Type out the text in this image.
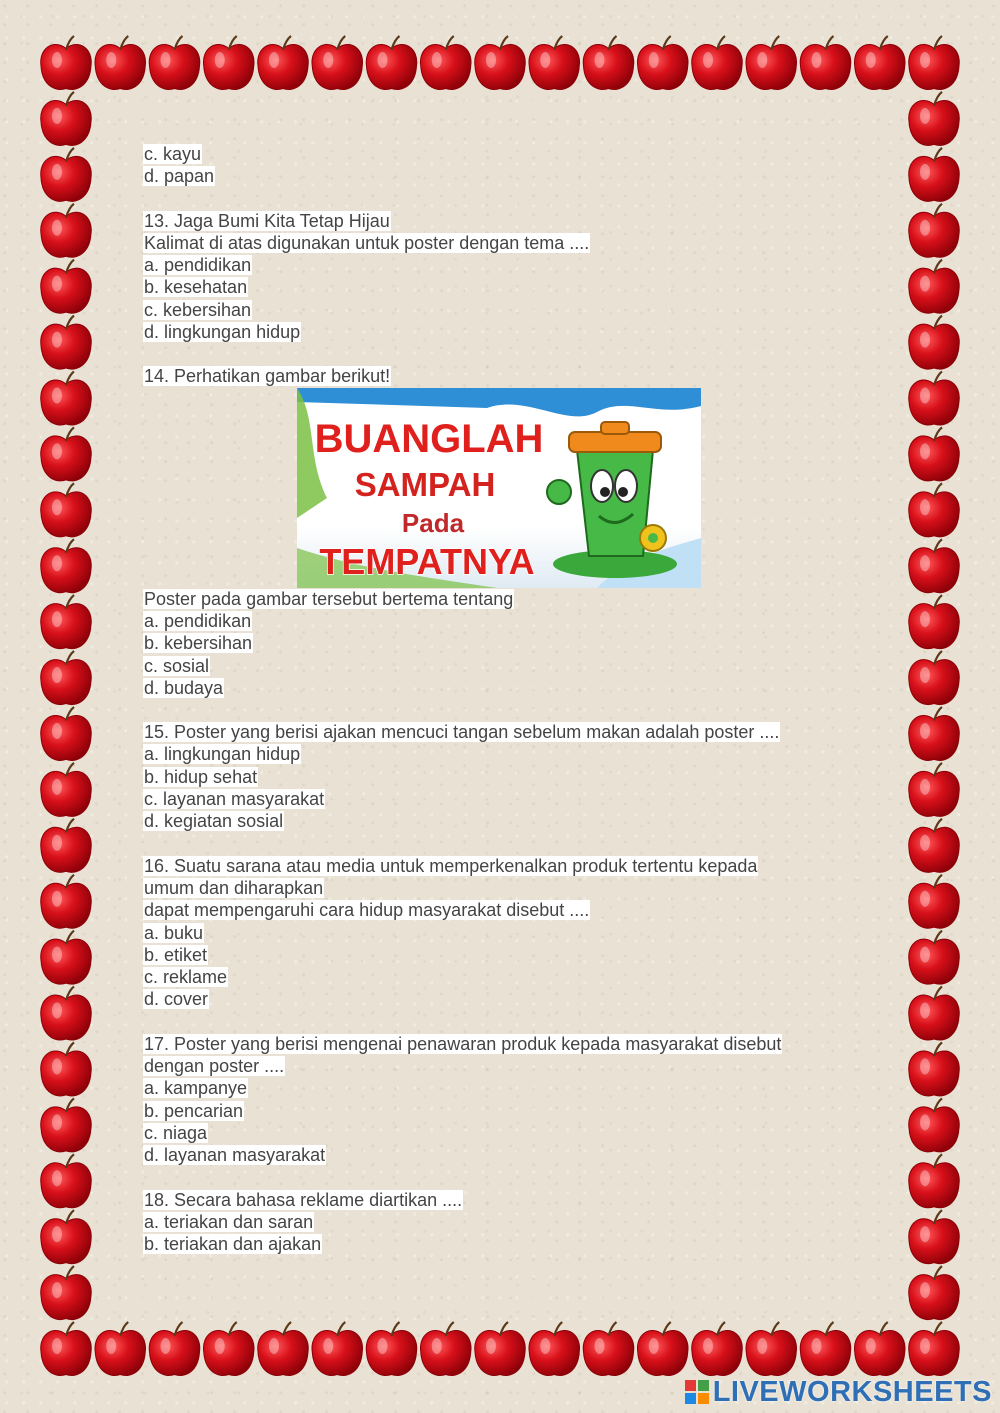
c. kayu
d. papan
13. Jaga Bumi Kita Tetap Hijau
Kalimat di atas digunakan untuk poster dengan tema ....
a. pendidikan
b. kesehatan
c. kebersihan
d. lingkungan hidup
14. Perhatikan gambar berikut!
BUANGLAH
SAMPAH
Pada
TEMPATNYA
Poster pada gambar tersebut bertema tentang
a. pendidikan
b. kebersihan
c. sosial
d. budaya
15. Poster yang berisi ajakan mencuci tangan sebelum makan adalah poster ....
a. lingkungan hidup
b. hidup sehat
c. layanan masyarakat
d. kegiatan sosial
16. Suatu sarana atau media untuk memperkenalkan produk tertentu kepada
umum dan diharapkan
dapat mempengaruhi cara hidup masyarakat disebut ....
a. buku
b. etiket
c. reklame
d. cover
17. Poster yang berisi mengenai penawaran produk kepada masyarakat disebut
dengan poster ....
a. kampanye
b. pencarian
c. niaga
d. layanan masyarakat
18. Secara bahasa reklame diartikan ....
a. teriakan dan saran
b. teriakan dan ajakan
LIVEWORKSHEETS
